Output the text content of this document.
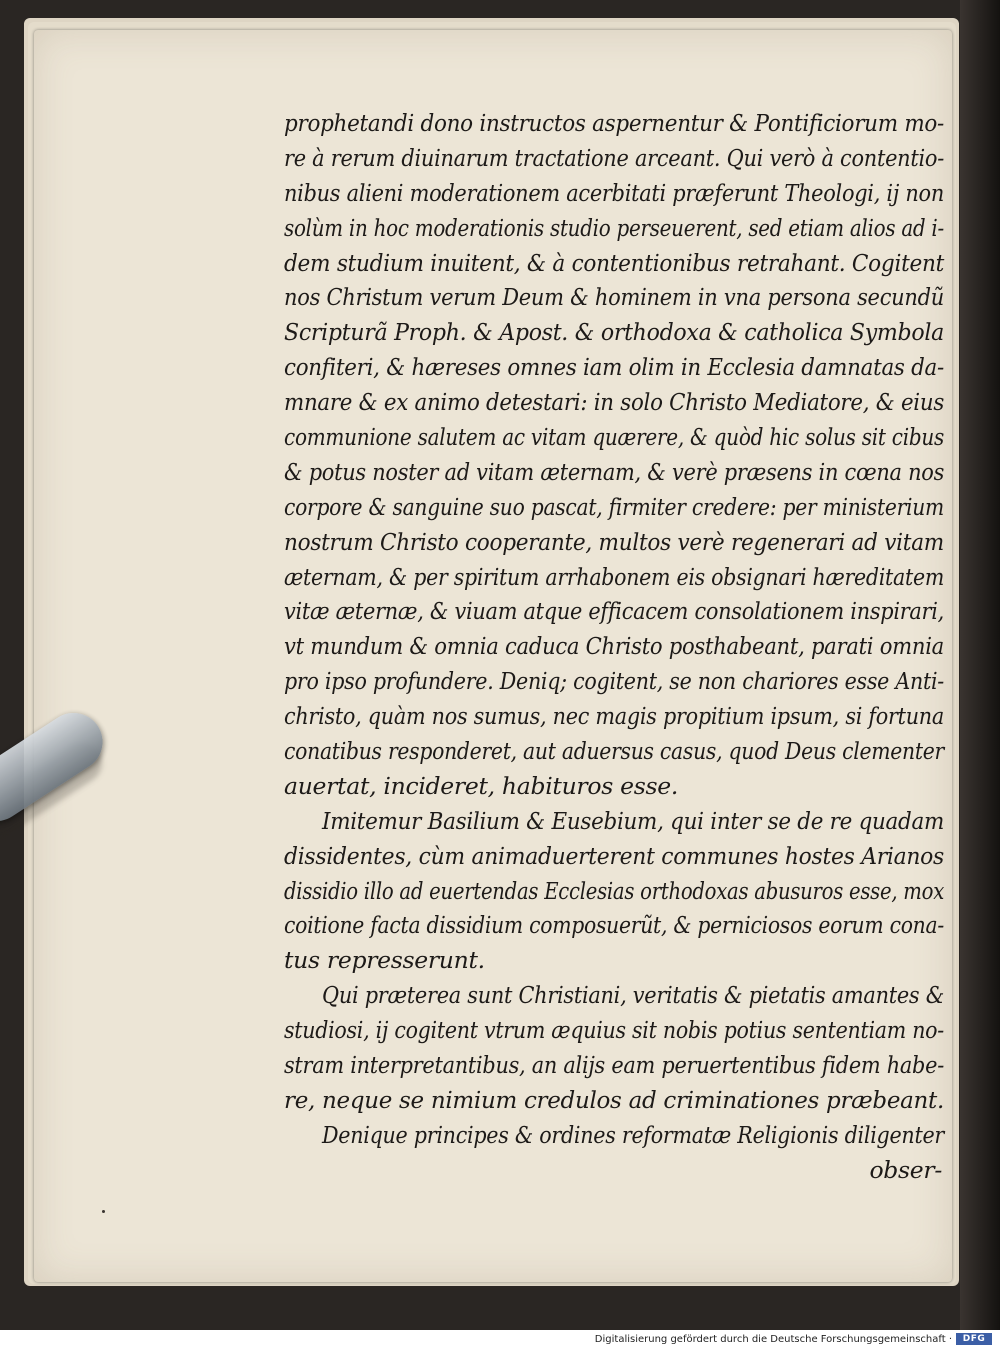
prophetandi dono instructos aspernentur & Pontificiorum mo-
re à rerum diuinarum tractatione arceant. Qui verò à contentio-
nibus alieni moderationem acerbitati præferunt Theologi, ij non
solùm in hoc moderationis studio perseuerent, sed etiam alios ad i-
dem studium inuitent, & à contentionibus retrahant. Cogitent
nos Christum verum Deum & hominem in vna persona secundũ
Scripturã Proph. & Apost. & orthodoxa & catholica Symbola
confiteri, & hæreses omnes iam olim in Ecclesia damnatas da-
mnare & ex animo detestari: in solo Christo Mediatore, & eius
communione salutem ac vitam quærere, & quòd hic solus sit cibus
& potus noster ad vitam æternam, & verè præsens in cœna nos
corpore & sanguine suo pascat, firmiter credere: per ministerium
nostrum Christo cooperante, multos verè regenerari ad vitam
æternam, & per spiritum arrhabonem eis obsignari hæreditatem
vitæ æternæ, & viuam atque efficacem consolationem inspirari,
vt mundum & omnia caduca Christo posthabeant, parati omnia
pro ipso profundere. Deniq; cogitent, se non chariores esse Anti-
christo, quàm nos sumus, nec magis propitium ipsum, si fortuna
conatibus responderet, aut aduersus casus, quod Deus clementer
auertat, incideret, habituros esse.
Imitemur Basilium & Eusebium, qui inter se de re quadam
dissidentes, cùm animaduerterent communes hostes Arianos
dissidio illo ad euertendas Ecclesias orthodoxas abusuros esse, mox
coitione facta dissidium composuerũt, & perniciosos eorum cona-
tus represserunt.
Qui præterea sunt Christiani, veritatis & pietatis amantes &
studiosi, ij cogitent vtrum æquius sit nobis potius sententiam no-
stram interpretantibus, an alijs eam peruertentibus fidem habe-
re, neque se nimium credulos ad criminationes præbeant.
Denique principes & ordines reformatæ Religionis diligenter
obser-
Digitalisierung gefördert durch die Deutsche Forschungsgemeinschaft ·	DFG
